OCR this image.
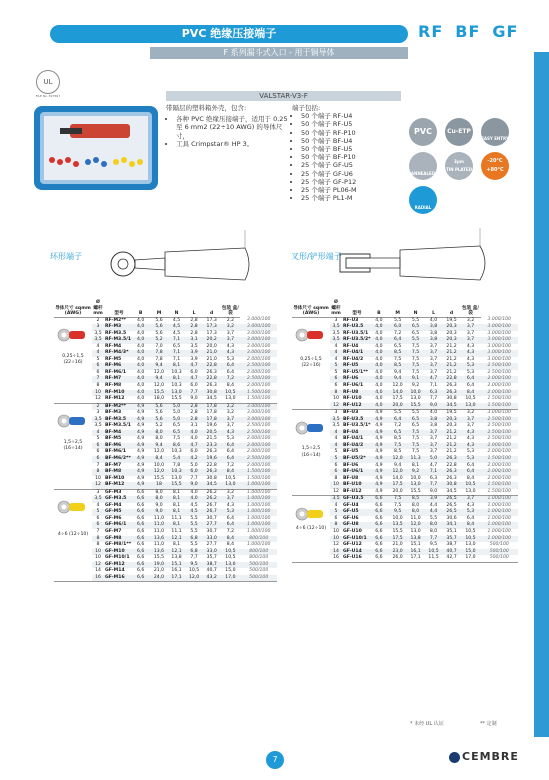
PVC 绝缘压接端子
F 系列漏斗式入口 - 用于铜导体
RF BF GF
UL
FILE No. E27697	VALSTAR-V3-F
带隔层的塑料箱外壳，包含:
• 各种 PVC 绝缘压接端子，适用于 0.25 至 6 mm2 (22÷10 AWG) 的导体尺寸，
• 工具 Crimpstar® HP 3。
端子包括:
• 50 个端子 RF-U4
• 50 个端子 RF-U5
• 50 个端子 RF-P10
• 50 个端子 BF-U4
• 50 个端子 BF-U5
• 50 个端子 BF-P10
• 25 个端子 GF-U5
• 25 个端子 GF-U6
• 25 个端子 GF-P12
• 25 个端子 PL06-M
• 25 个端子 PL1-M
PVC	Cu-ETP
EASY ENTRY
ANNEALED
3μm
TIN PLATED
-20°C
+80°C
RADIAL
环形端子	叉形/铲形端子
导体尺寸 sqmm (AWG)	Ø 螺杆 mm	型号	B		M	N	L	d	包装 盒/袋	
0,25÷1,5 (22÷16)	2	RF-M2**	4,0		5,6	4,5	2,8	17,3	2,2	3.000/100
	3	RF-M3	4,0		5,6	4,5	2,8	17,3	3,2	3.000/100
	3,5	RF-M3.5	4,0		5,6	4,5	2,8	17,3	3,7	3.000/100
	3,5	RF-M3.5/1	4,0		5,2	7,1	3,1	20,2	3,7	3.000/100
	4	RF-M4	4,0		7,0	6,5	3,5	20,0	4,3	3.000/100
	4	RF-M4/3*	4,0		7,8	7,1	3,9	21,0	4,3	3.000/100
	5	RF-M5	4,0		7,8	7,1	3,9	21,0	5,3	2.000/100
	6	RF-M6	4,0		9,4	8,1	4,7	22,8	6,4	2.500/100
	6	RF-M6/1	4,0		12,0	10,3	6,0	26,3	6,4	2.000/100
	7	RF-M7	4,0		9,4	8,1	4,7	22,8	7,2	2.500/100
	8	RF-M8	4,0		12,0	10,3	6,0	26,3	8,4	2.000/100
	10	RF-M10	4,0		15,5	13,0	7,7	30,8	10,5	1.500/100
	12	RF-M12	4,0		18,0	15,5	9,0	34,5	13,0	1.500/100
1,5÷2,5 (16÷14)	2	BF-M2**	4,9		5,6	5,0	2,8	17,8	2,2	3.000/100
	3	BF-M3	4,9		5,6	5,0	2,8	17,8	3,2	3.000/100
	3,5	BF-M3.5	4,9		5,6	5,0	2,8	17,8	3,7	3.000/100
	3,5	BF-M3.5/1	4,9		5,2	6,5	3,1	19,6	3,7	2.500/100
	4	BF-M4	4,9		8,0	6,5	4,0	20,5	4,3	2.500/100
	5	BF-M5	4,9		8,0	7,5	4,0	21,5	5,3	2.000/100
	6	BF-M6	4,9		9,4	8,6	4,7	23,3	6,4	2.000/100
	6	BF-M6/1	4,9		12,0	10,3	6,0	26,3	6,4	2.000/100
	6	BF-M6/2**	4,9		8,4	5,4	4,2	19,6	6,4	2.500/100
	7	BF-M7	4,9		10,0	7,8	5,0	22,8	7,2	2.000/100
	8	BF-M8	4,9		12,0	10,3	6,0	26,3	8,4	1.500/100
	10	BF-M10	4,9		15,5	13,0	7,7	30,8	10,5	1.500/100
	12	BF-M12	4,9		18	15,5	9,0	34,5	13,0	1.000/100
4÷6 (12÷10)	3	GF-M3	6,6		8,0	8,1	4,0	26,2	3,2	1.000/100
	3,5	GF-M3.5	6,6		8,0	8,1	4,0	26,2	3,7	1.000/100
	4	GF-M4	6,6		9,0	8,1	4,5	26,7	4,3	1.000/100
	5	GF-M5	6,6		9,0	8,1	4,5	26,7	5,3	1.000/100
	6	GF-M6	6,6		11,0	11,1	5,5	30,7	6,4	1.000/100
	6	GF-M6/1	6,6		11,0	8,1	5,5	27,7	6,4	1.000/100
	7	GF-M7	6,6		11,0	11,1	5,5	30,7	7,2	1.000/100
	8	GF-M8	6,6		13,6	12,1	6,8	33,0	8,4	800/100
	8	GF-M8/1**	6,6		11,0	8,1	5,5	27,7	8,4	1.000/100
	10	GF-M10	6,6		13,6	12,1	6,8	33,0	10,5	800/100
	10	GF-M10/1	6,6		15,5	13,8	7,7	35,7	10,5	800/100
	12	GF-M12	6,6		19,0	15,1	9,5	38,7	13,0	500/100
	14	GF-M14	6,6		21,0	16,1	10,5	40,7	15,0	500/100
	16	GF-M16	6,6		24,0	17,1	12,0	43,2	17,0	500/100
导体尺寸 sqmm (AWG)	Ø 螺杆 mm	型号	B		M	N	L	d	包装 盒/袋	
0,25÷1,5 (22÷16)	3	RF-U3	4,0		5,5	5,5	4,0	19,5	3,2	3.000/100
	3,5	RF-U3.5	4,0		6,0	6,5	3,8	20,3	3,7	3.000/100
	3,5	RF-U3.5/1	4,0		7,2	6,5	3,8	20,3	3,7	3.000/100
	3,5	RF-U3.5/2*	4,0		6,4	5,5	3,8	20,3	3,7	3.000/100
	4	RF-U4	4,0		6,5	7,5	3,7	21,2	4,3	3.000/100
	4	RF-U4/1	4,0		8,5	7,5	3,7	21,2	4,3	3.000/100
	4	RF-U4/2	4,0		7,5	7,5	3,7	21,2	4,3	3.000/100
	5	RF-U5	4,0		8,5	7,5	3,7	21,2	5,3	2.500/100
	5	RF-U5/1**	4,0		9,4	7,5	3,7	21,2	5,3	2.500/100
	6	RF-U6	4,0		9,4	9,1	4,7	22,8	6,4	2.000/100
	6	RF-U6/1	4,0		12,0	9,2	7,1	26,3	6,4	2.000/100
	8	RF-U8	4,0		14,0	10,0	6,3	26,3	8,4	2.000/100
	10	RF-U10	4,0		17,5	13,0	7,7	30,8	10,5	1.500/100
	12	RF-U12	4,0		20,0	15,5	9,0	34,5	13,0	1.500/100
1,5÷2,5 (16÷14)	3	BF-U3	4,9		5,5	5,5	4,0	19,5	3,2	3.000/100
	3,5	BF-U3.5	4,9		6,4	6,5	3,8	20,3	3,7	2.500/100
	3,5	BF-U3.5/1*	4,9		7,2	6,5	3,8	20,3	3,7	2.500/100
	4	BF-U4	4,9		6,5	7,5	3,7	21,2	4,3	2.500/100
	4	BF-U4/1	4,9		8,5	7,5	3,7	21,2	4,3	2.500/100
	4	BF-U4/2	4,9		7,5	7,5	3,7	21,2	4,3	2.000/100
	5	BF-U5	4,9		8,5	7,5	3,7	21,2	5,3	2.000/100
	5	BF-U5/2*	4,9		12,0	11,3	5,0	26,3	5,3	1.500/100
	6	BF-U6	4,9		9,4	8,1	4,7	22,8	6,4	2.000/100
	6	BF-U6/1	4,9		12,0	9,2	7,1	26,3	6,4	2.000/100
	8	BF-U8	4,9		14,0	10,0	6,3	26,3	8,4	2.000/100
	10	BF-U10	4,9		17,5	13,0	7,7	30,8	10,5	1.500/100
	12	BF-U12	4,9		20,0	15,5	9,0	34,5	13,0	1.500/100
4÷6 (12÷10)	3,5	GF-U3.5	6,6		7,5	8,5	3,9	26,5	3,7	1.000/100
	4	GF-U4	6,6		7,5	8,0	4,4	26,5	4,3	1.000/100
	5	GF-U5	6,6		9,5	8,0	4,4	26,5	5,3	1.000/100
	6	GF-U6	6,6		10,0	11,0	5,5	30,6	6,4	1.000/100
	8	GF-U8	6,6		13,5	12,0	8,0	34,1	8,4	1.000/100
	10	GF-U10	6,6		15,5	13,0	8,0	35,1	10,5	1.000/100
	10	GF-U10/1	6,6		17,5	13,8	7,7	35,7	10,5	1.000/100
	12	GF-U12	6,6		21,0	15,1	9,5	38,7	13,0	500/100
	14	GF-U14	6,6		23,0	16,1	10,5	40,7	15,0	500/100
	16	GF-U16	6,6		26,0	17,1	11,5	42,7	17,0	500/100
* 未经 UL 认证	** 定制
7	CEMBRE
